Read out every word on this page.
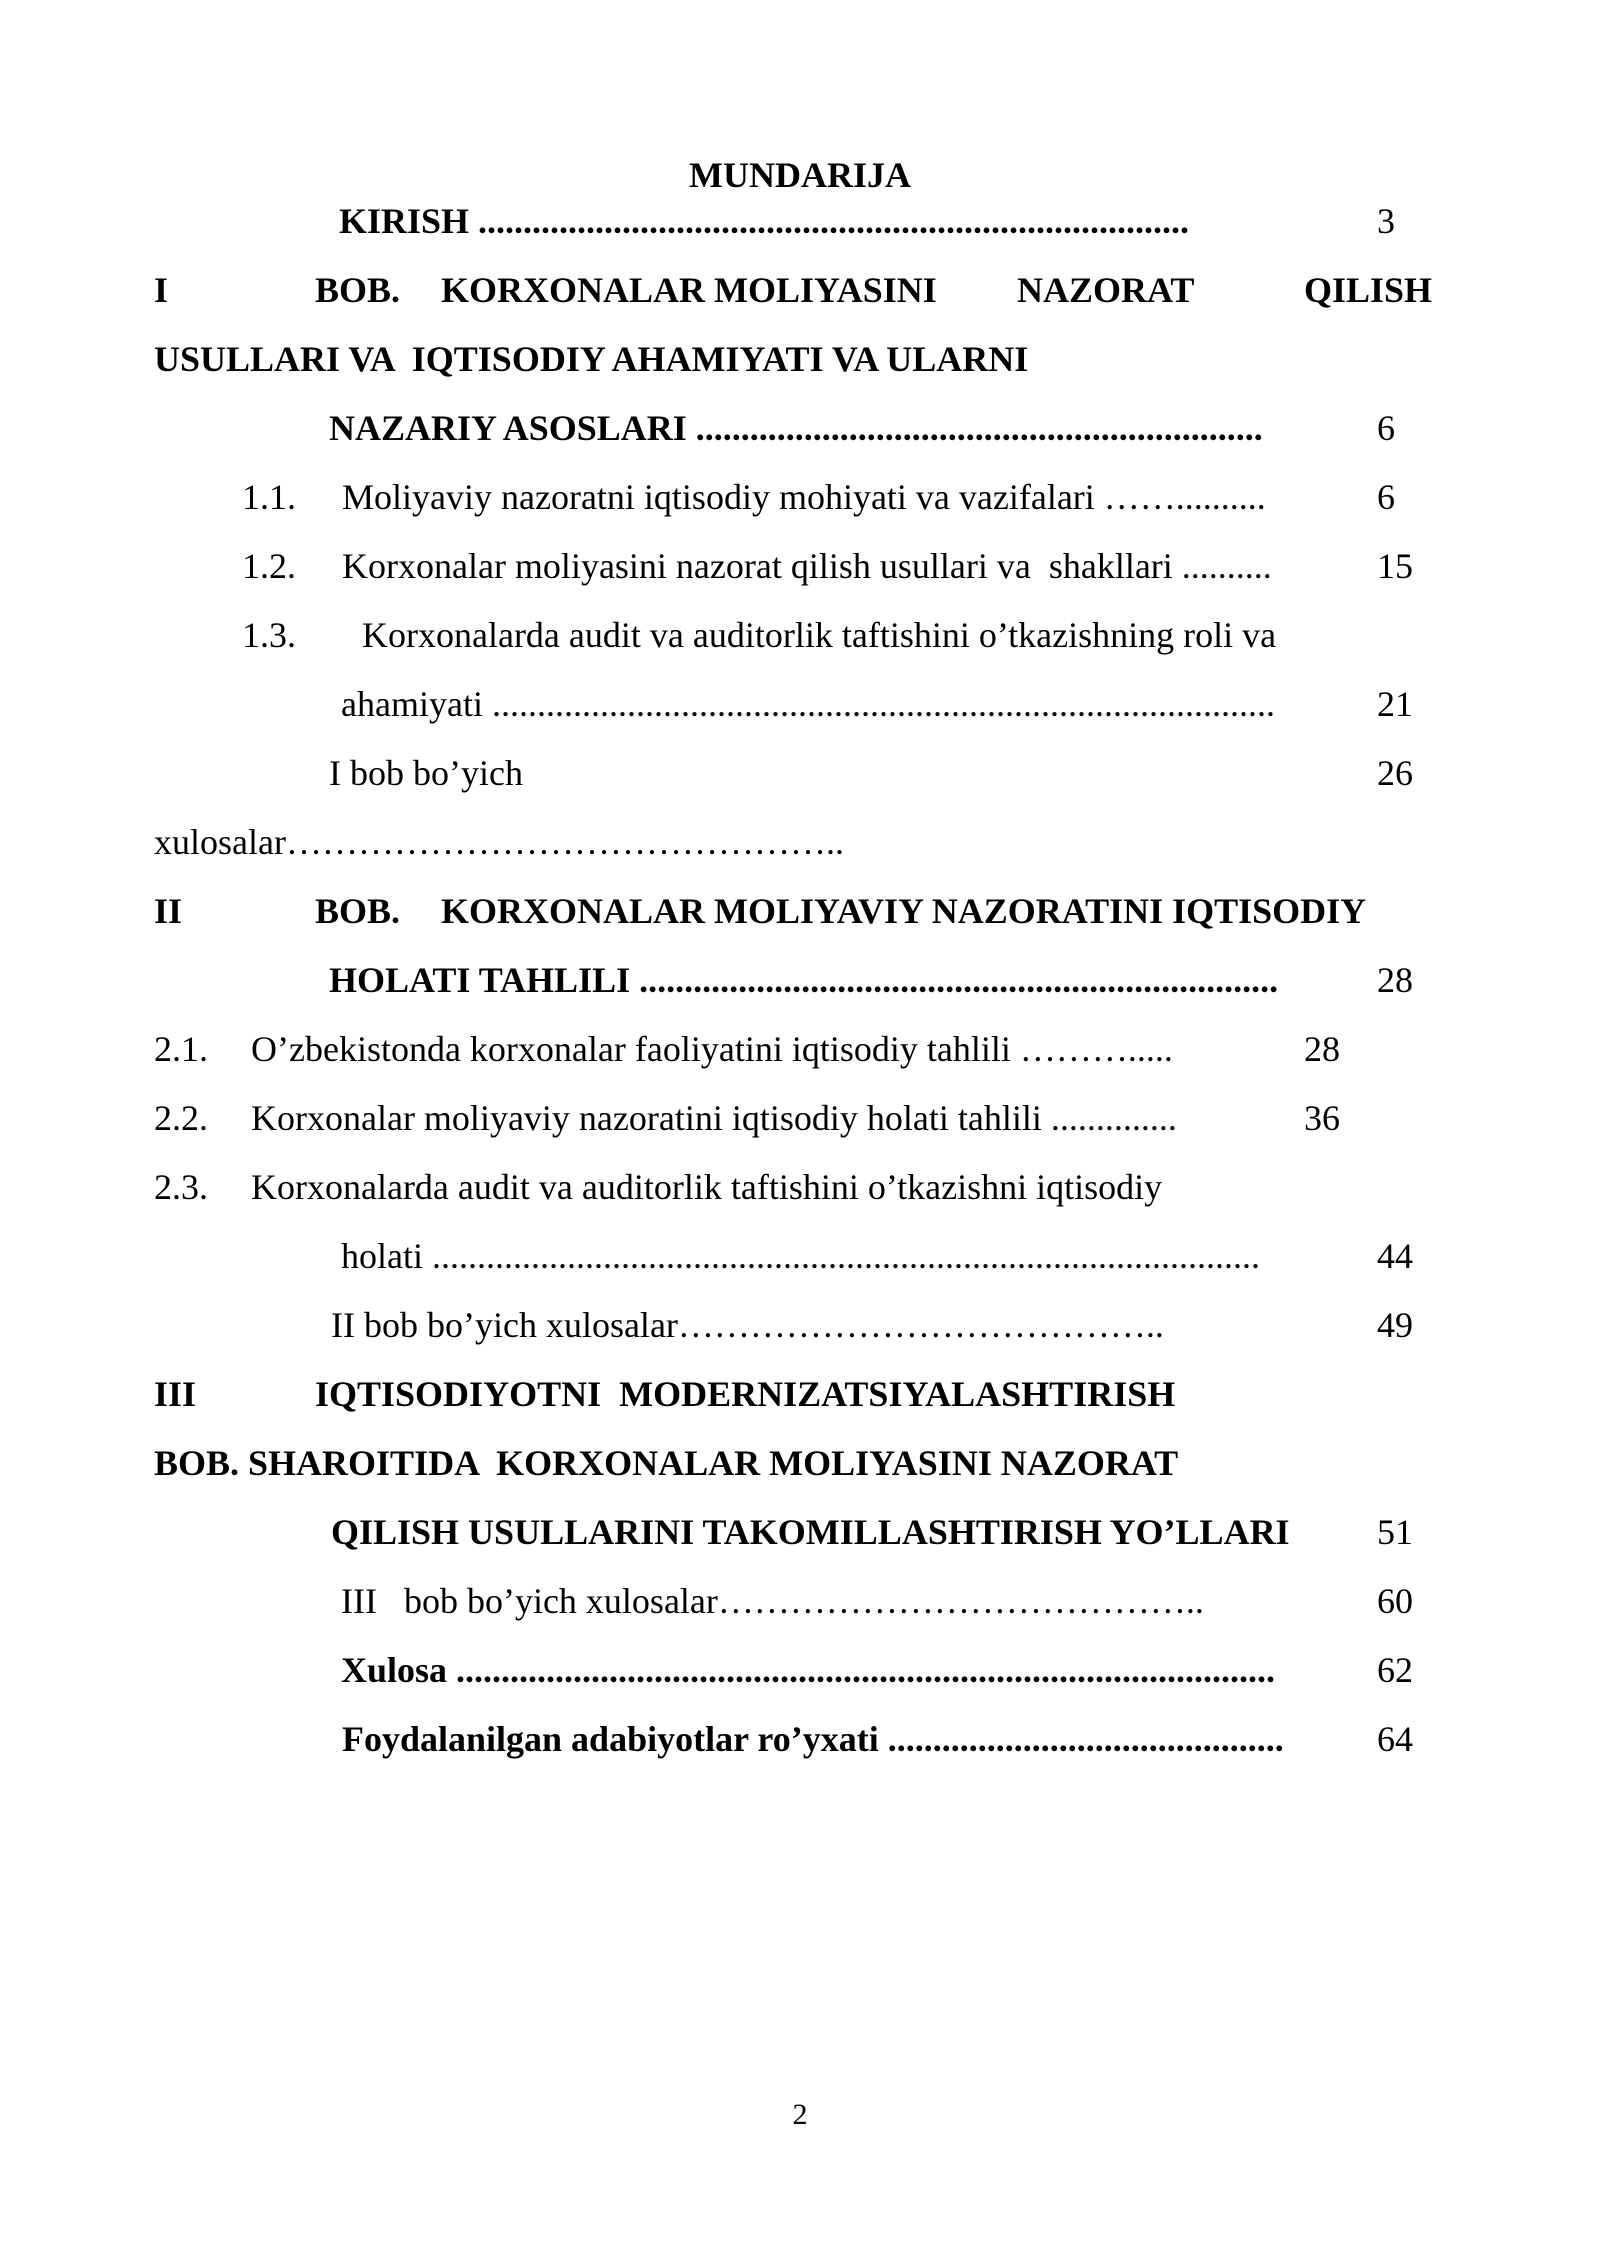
MUNDARIJA
KIRISH ...............................................................................	3
I	BOB. KORXONALAR MOLIYASINI NAZORAT	QILISH
USULLARI VA  IQTISODIY AHAMIYATI VA ULARNI
NAZARIY ASOSLARI ...............................................................	6
1.1. Moliyaviy nazoratni iqtisodiy mohiyati va vazifalari ……..........	6
1.2. Korxonalar moliyasini nazorat qilish usullari va  shakllari ..........	15
1.3. Korxonalarda audit va auditorlik taftishini o’tkazishning roli va
ahamiyati .......................................................................................	21
I bob bo’yich	26
xulosalar………………………………………..
II	BOB. KORXONALAR MOLIYAVIY NAZORATINI IQTISODIY
HOLATI TAHLILI .......................................................................	28
2.1. O’zbekistonda korxonalar faoliyatini iqtisodiy tahlili ……….....	28
2.2. Korxonalar moliyaviy nazoratini iqtisodiy holati tahlili ..............	36
2.3. Korxonalarda audit va auditorlik taftishini o’tkazishni iqtisodiy
holati ............................................................................................	44
II bob bo’yich xulosalar…………………………………..	49
III	IQTISODIYOTNI  MODERNIZATSIYALASHTIRISH
BOB. SHAROITIDA  KORXONALAR MOLIYASINI NAZORAT
QILISH USULLARINI TAKOMILLASHTIRISH YO’LLARI 51
III   bob bo’yich xulosalar…………………………………..	60
Xulosa ...........................................................................................	62
Foydalanilgan adabiyotlar ro’yxati ............................................	64
2
